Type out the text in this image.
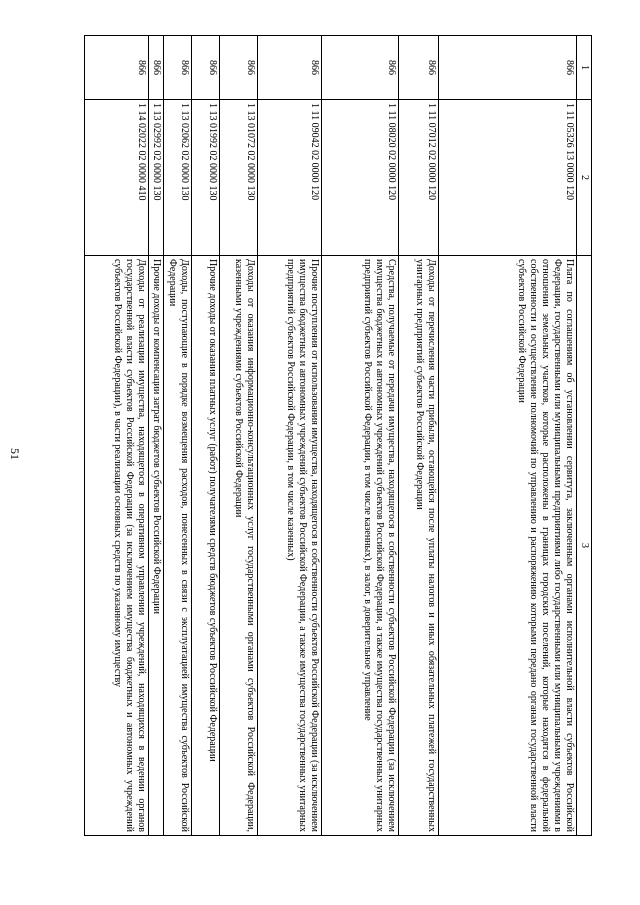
51
1	2	3
866	1 11 05326 13 0000 120	Плата по соглашениям об установлении сервитута, заключенным органами исполнительной власти субъектов Российской Федерации, государственными или муниципальными предприятиями либо государственными или муниципальными учреждениями в отношении земельных участков, которые расположены в границах городских поселений, которые находятся в федеральной собственности и осуществление полномочий по управлению и распоряжению которыми передано органам государственной власти субъектов Российской Федерации
866	1 11 07012 02 0000 120	Доходы от перечисления части прибыли, остающейся после уплаты налогов и иных обязательных платежей государственных унитарных предприятий субъектов Российской Федерации
866	1 11 08020 02 0000 120	Средства, получаемые от передачи имущества, находящегося в собственности субъектов Российской Федерации (за исключением имущества бюджетных и автономных учреждений субъектов Российской Федерации, а также имущества государственных унитарных предприятий субъектов Российской Федерации, в том числе казенных), в залог, в доверительное управление
866	1 11 09042 02 0000 120	Прочие поступления от использования имущества, находящегося в собственности субъектов Российской Федерации (за исключением имущества бюджетных и автономных учреждений субъектов Российской Федерации, а также имущества государственных унитарных предприятий субъектов Российской Федерации, в том числе казенных)
866	1 13 01072 02 0000 130	Доходы от оказания информационно-консультационных услуг государственными органами субъектов Российской Федерации, казенными учреждениями субъектов Российской Федерации
866	1 13 01992 02 0000 130	Прочие доходы от оказания платных услуг (работ) получателями средств бюджетов субъектов Российской Федерации
866	1 13 02062 02 0000 130	Доходы, поступающие в порядке возмещения расходов, понесенных в связи с эксплуатацией имущества субъектов Российской Федерации
866	1 13 02992 02 0000 130	Прочие доходы от компенсации затрат бюджетов субъектов Российской Федерации
866	1 14 02022 02 0000 410	Доходы от реализации имущества, находящегося в оперативном управлении учреждений, находящихся в ведении органов государственной власти субъектов Российской Федерации (за исключением имущества бюджетных и автономных учреждений субъектов Российской Федерации), в части реализации основных средств по указанному имуществу
